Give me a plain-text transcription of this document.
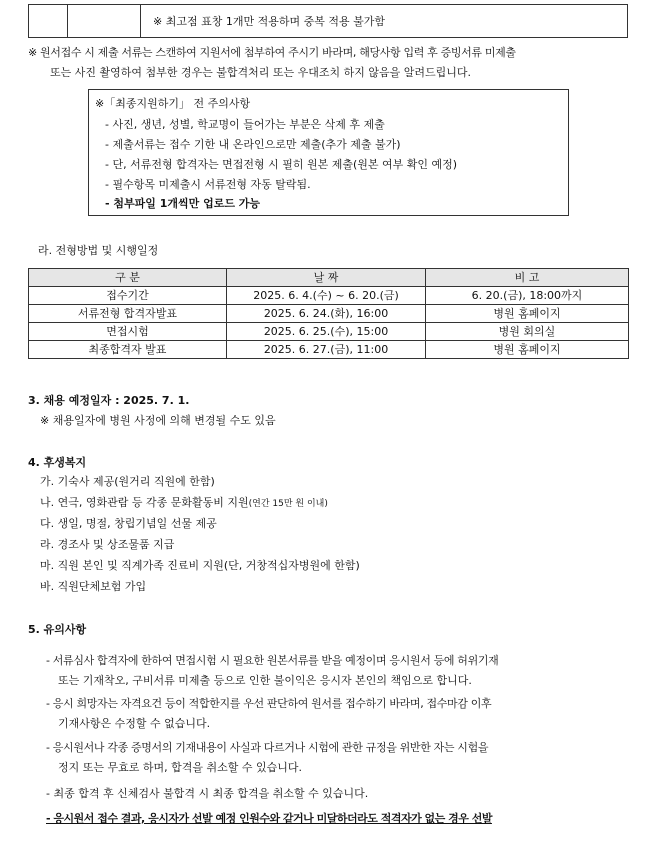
※ 최고점 표창 1개만 적용하며 중복 적용 불가함
※ 원서접수 시 제출 서류는 스캔하여 지원서에 첨부하여 주시기 바라며, 해당사항 입력 후 증빙서류 미제출
또는 사진 촬영하여 첨부한 경우는 불합격처리 또는 우대조치 하지 않음을 알려드립니다.
※「최종지원하기」 전 주의사항
- 사진, 생년, 성별, 학교명이 들어가는 부분은 삭제 후 제출
- 제출서류는 접수 기한 내 온라인으로만 제출(추가 제출 불가)
- 단, 서류전형 합격자는 면접전형 시 필히 원본 제출(원본 여부 확인 예정)
- 필수항목 미제출시 서류전형 자동 탈락됨.
- 첨부파일 1개씩만 업로드 가능
라. 전형방법 및 시행일정
구 분	날 짜	비 고
접수기간	2025. 6. 4.(수) ~ 6. 20.(금)	6. 20.(금), 18:00까지
서류전형 합격자발표	2025. 6. 24.(화), 16:00	병원 홈페이지
면접시험	2025. 6. 25.(수), 15:00	병원 회의실
최종합격자 발표	2025. 6. 27.(금), 11:00	병원 홈페이지
3. 채용 예정일자 : 2025. 7. 1.
※ 채용일자에 병원 사정에 의해 변경될 수도 있음
4. 후생복지
가. 기숙사 제공(원거리 직원에 한함)
나. 연극, 영화관람 등 각종 문화활동비 지원(연간 15만 원 이내)
다. 생일, 명절, 창립기념일 선물 제공
라. 경조사 및 상조물품 지급
마. 직원 본인 및 직계가족 진료비 지원(단, 거창적십자병원에 한함)
바. 직원단체보험 가입
5. 유의사항
- 서류심사 합격자에 한하여 면접시험 시 필요한 원본서류를 받을 예정이며 응시원서 등에 허위기재
또는 기재착오, 구비서류 미제출 등으로 인한 불이익은 응시자 본인의 책임으로 합니다.
- 응시 희망자는 자격요건 등이 적합한지를 우선 판단하여 원서를 접수하기 바라며, 접수마감 이후
기재사항은 수정할 수 없습니다.
- 응시원서나 각종 증명서의 기재내용이 사실과 다르거나 시험에 관한 규정을 위반한 자는 시험을
정지 또는 무효로 하며, 합격을 취소할 수 있습니다.
- 최종 합격 후 신체검사 불합격 시 최종 합격을 취소할 수 있습니다.
- 응시원서 접수 결과, 응시자가 선발 예정 인원수와 같거나 미달하더라도 적격자가 없는 경우 선발
